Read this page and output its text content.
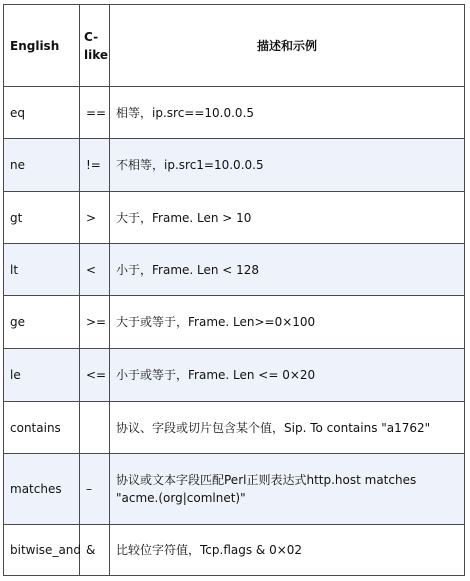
English	C-like	描述和示例
eq	==	相等，ip.src==10.0.0.5
ne	!=	不相等，ip.src1=10.0.0.5
gt	>	大于，Frame. Len > 10
lt	<	小于，Frame. Len < 128
ge	>=	大于或等于，Frame. Len>=0×100
le	<=	小于或等于，Frame. Len <= 0×20
contains		协议、字段或切片包含某个值，Sip. To contains "a1762"
matches	–	协议或文本字段匹配Perl正则表达式http.host matches "acme.(org|comlnet)"
bitwise_and	&	比较位字符值，Tcp.flags & 0×02
